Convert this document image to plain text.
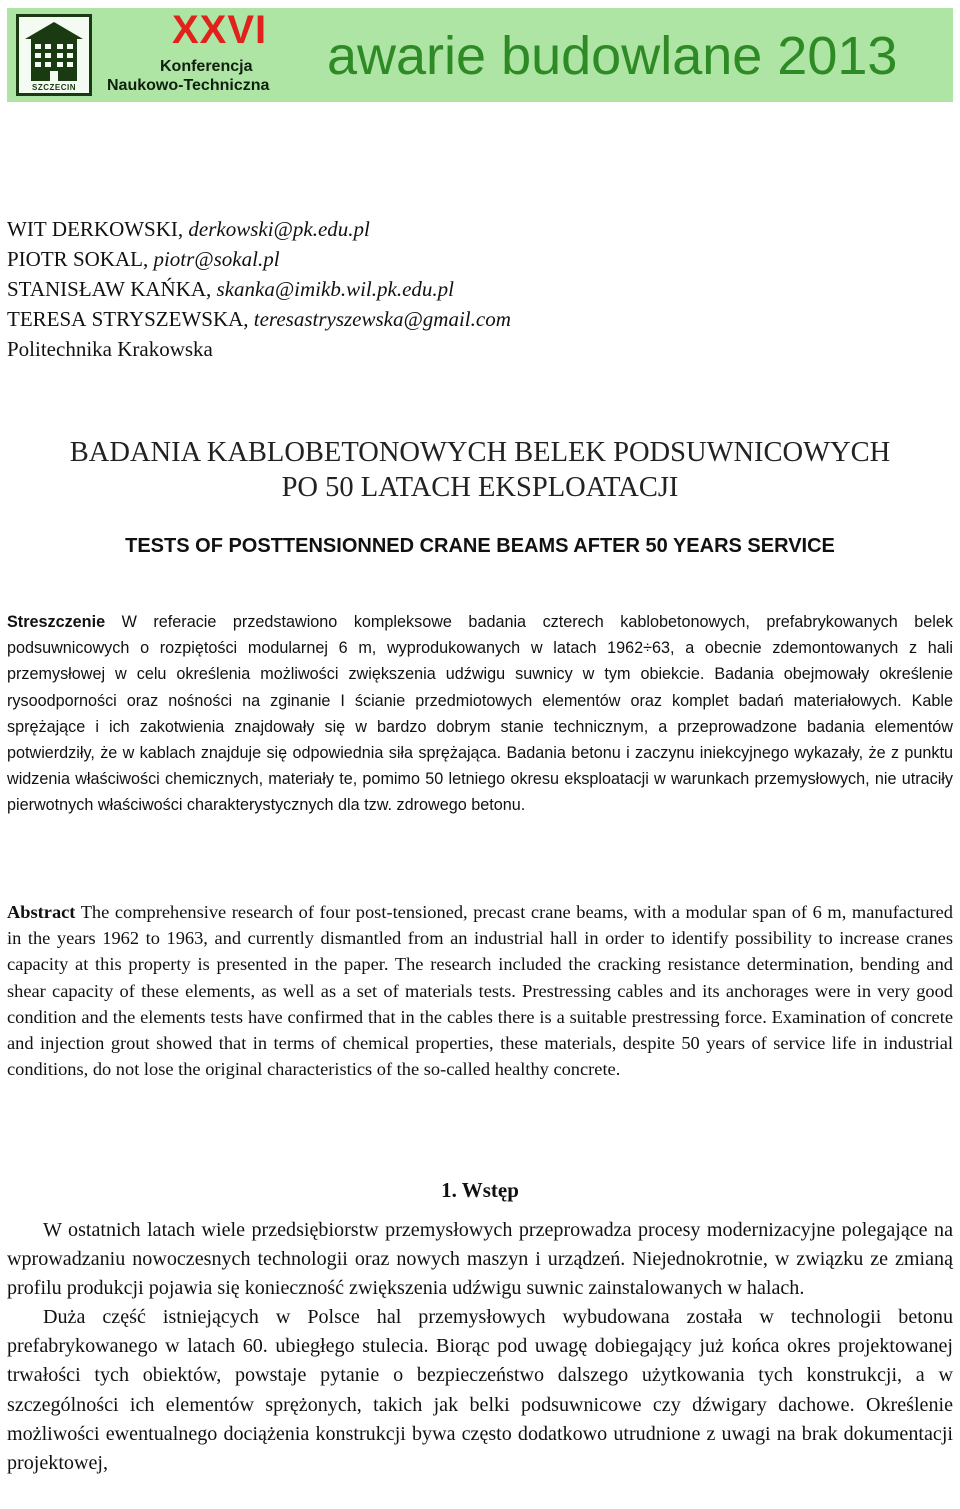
SZCZECIN
XXVI
Konferencja
Naukowo-Techniczna awarie budowlane 2013
WIT DERKOWSKI, derkowski@pk.edu.pl
PIOTR SOKAL, piotr@sokal.pl
STANISŁAW KAŃKA, skanka@imikb.wil.pk.edu.pl
TERESA STRYSZEWSKA, teresastryszewska@gmail.com
Politechnika Krakowska
BADANIA KABLOBETONOWYCH BELEK PODSUWNICOWYCH
PO 50 LATACH EKSPLOATACJI
TESTS OF POSTTENSIONNED CRANE BEAMS AFTER 50 YEARS SERVICE

Streszczenie W referacie przedstawiono kompleksowe badania czterech kablobetonowych, prefabrykowanych belek podsuwnicowych o rozpiętości modularnej 6 m, wyprodukowanych w latach 1962÷63, a obecnie zdemontowanych z hali przemysłowej w celu określenia możliwości zwiększenia udźwigu suwnicy w tym obiekcie. Badania obejmowały określenie rysoodporności oraz nośności na zginanie I ścianie przedmiotowych elementów oraz komplet badań materiałowych. Kable sprężające i ich zakotwienia znajdowały się w bardzo dobrym stanie technicznym, a przeprowadzone badania elementów potwierdziły, że w kablach znajduje się odpowiednia siła sprężająca. Badania betonu i zaczynu iniekcyjnego wykazały, że z punktu widzenia właściwości chemicznych, materiały te, pomimo 50 letniego okresu eksploatacji w warunkach przemysłowych, nie utraciły pierwotnych właściwości charakterystycznych dla tzw. zdrowego betonu.

Abstract The comprehensive research of four post-tensioned, precast crane beams, with a modular span of 6 m, manufactured in the years 1962 to 1963, and currently dismantled from an industrial hall in order to identify possibility to increase cranes capacity at this property is presented in the paper. The research included the cracking resistance determination, bending and shear capacity of these elements, as well as a set of materials tests. Prestressing cables and its anchorages were in very good condition and the elements tests have confirmed that in the cables there is a suitable prestressing force. Examination of concrete and injection grout showed that in terms of chemical properties, these materials, despite 50 years of service life in industrial conditions, do not lose the original characteristics of the so-called healthy concrete.

1. Wstęp
W ostatnich latach wiele przedsiębiorstw przemysłowych przeprowadza procesy modernizacyjne polegające na wprowadzaniu nowoczesnych technologii oraz nowych maszyn i urządzeń. Niejednokrotnie, w związku ze zmianą profilu produkcji pojawia się konieczność zwiększenia udźwigu suwnic zainstalowanych w halach.
Duża część istniejących w Polsce hal przemysłowych wybudowana została w technologii betonu prefabrykowanego w latach 60. ubiegłego stulecia. Biorąc pod uwagę dobiegający już końca okres projektowanej trwałości tych obiektów, powstaje pytanie o bezpieczeństwo dalszego użytkowania tych konstrukcji, a w szczególności ich elementów sprężonych, takich jak belki podsuwnicowe czy dźwigary dachowe. Określenie możliwości ewentualnego dociążenia konstrukcji bywa często dodatkowo utrudnione z uwagi na brak dokumentacji projektowej,
